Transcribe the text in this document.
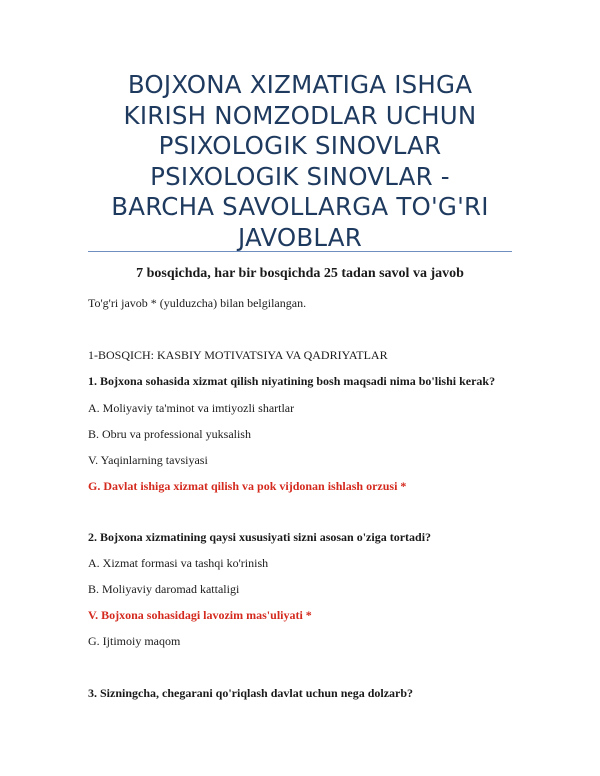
BOJXONA XIZMATIGA ISHGA
KIRISH NOMZODLAR UCHUN
PSIXOLOGIK SINOVLAR
PSIXOLOGIK SINOVLAR -
BARCHA SAVOLLARGA TO'G'RI
JAVOBLAR
7 bosqichda, har bir bosqichda 25 tadan savol va javob
To'g'ri javob * (yulduzcha) bilan belgilangan.
1-BOSQICH: KASBIY MOTIVATSIYA VA QADRIYATLAR
1. Bojxona sohasida xizmat qilish niyatining bosh maqsadi nima bo'lishi kerak?
A. Moliyaviy ta'minot va imtiyozli shartlar
B. Obru va professional yuksalish
V. Yaqinlarning tavsiyasi
G. Davlat ishiga xizmat qilish va pok vijdonan ishlash orzusi *
2. Bojxona xizmatining qaysi xususiyati sizni asosan o'ziga tortadi?
A. Xizmat formasi va tashqi ko'rinish
B. Moliyaviy daromad kattaligi
V. Bojxona sohasidagi lavozim mas'uliyati *
G. Ijtimoiy maqom
3. Sizningcha, chegarani qo'riqlash davlat uchun nega dolzarb?
